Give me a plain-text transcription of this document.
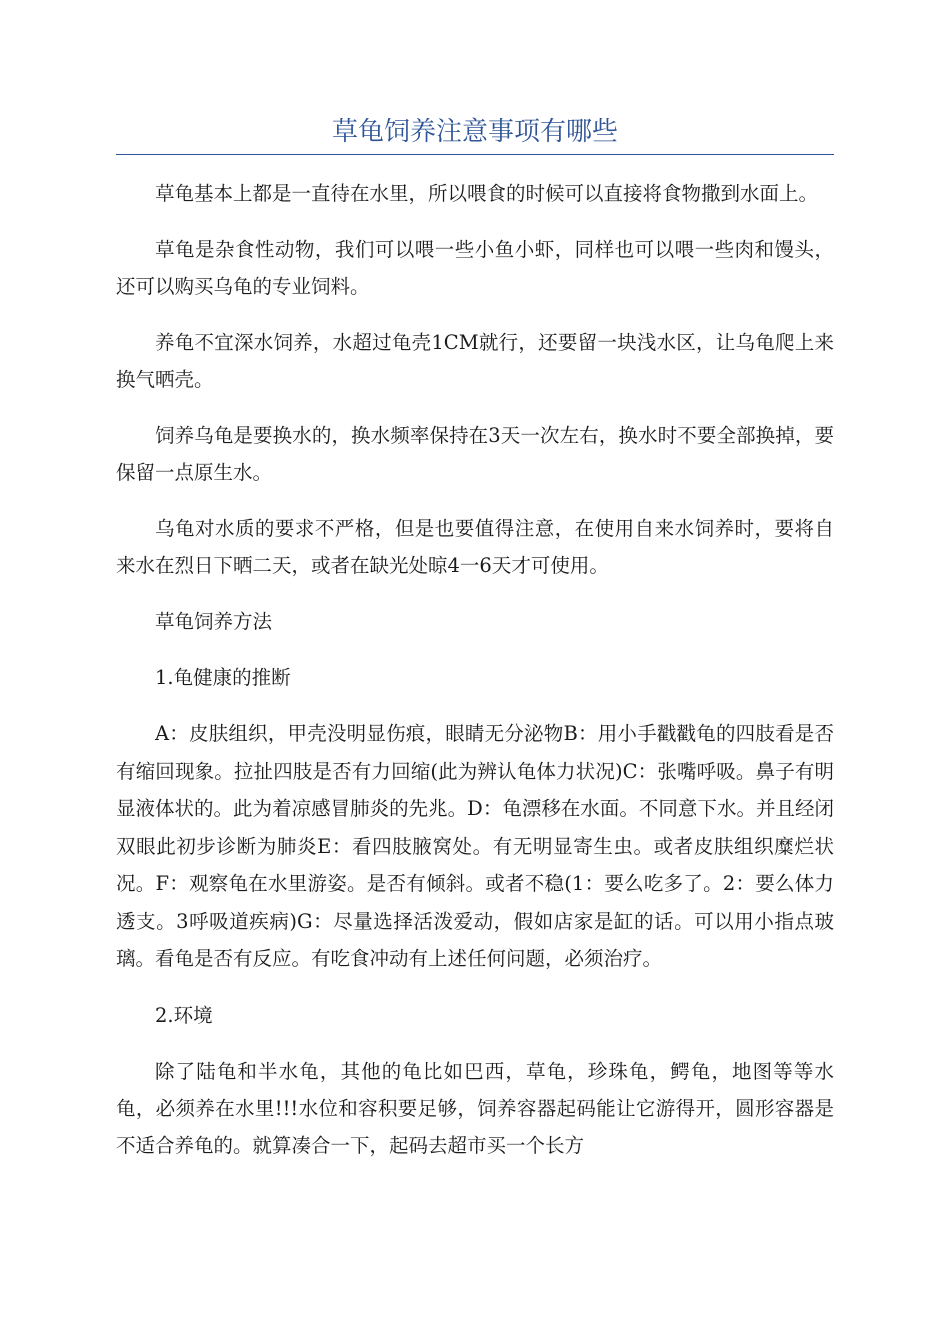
草龟饲养注意事项有哪些

草龟基本上都是一直待在水里，所以喂食的时候可以直接将食物撒到水面上。

草龟是杂食性动物，我们可以喂一些小鱼小虾，同样也可以喂一些肉和馒头，还可以购买乌龟的专业饲料。

养龟不宜深水饲养，水超过龟壳1CM就行，还要留一块浅水区，让乌龟爬上来换气晒壳。

饲养乌龟是要换水的，换水频率保持在3天一次左右，换水时不要全部换掉，要保留一点原生水。

乌龟对水质的要求不严格，但是也要值得注意，在使用自来水饲养时，要将自来水在烈日下晒二天，或者在缺光处晾4一6天才可使用。

草龟饲养方法

1.龟健康的推断

A：皮肤组织，甲壳没明显伤痕，眼睛无分泌物B：用小手戳戳龟的四肢看是否有缩回现象。拉扯四肢是否有力回缩(此为辨认龟体力状况)C：张嘴呼吸。鼻子有明显液体状的。此为着凉感冒肺炎的先兆。D：龟漂移在水面。不同意下水。并且经闭双眼此初步诊断为肺炎E：看四肢腋窝处。有无明显寄生虫。或者皮肤组织糜烂状况。F：观察龟在水里游姿。是否有倾斜。或者不稳(1：要么吃多了。2：要么体力透支。3呼吸道疾病)G：尽量选择活泼爱动，假如店家是缸的话。可以用小指点玻璃。看龟是否有反应。有吃食冲动有上述任何问题，必须治疗。

2.环境

除了陆龟和半水龟，其他的龟比如巴西，草龟，珍珠龟，鳄龟，地图等等水龟，必须养在水里!!!水位和容积要足够，饲养容器起码能让它游得开，圆形容器是不适合养龟的。就算凑合一下，起码去超市买一个长方
